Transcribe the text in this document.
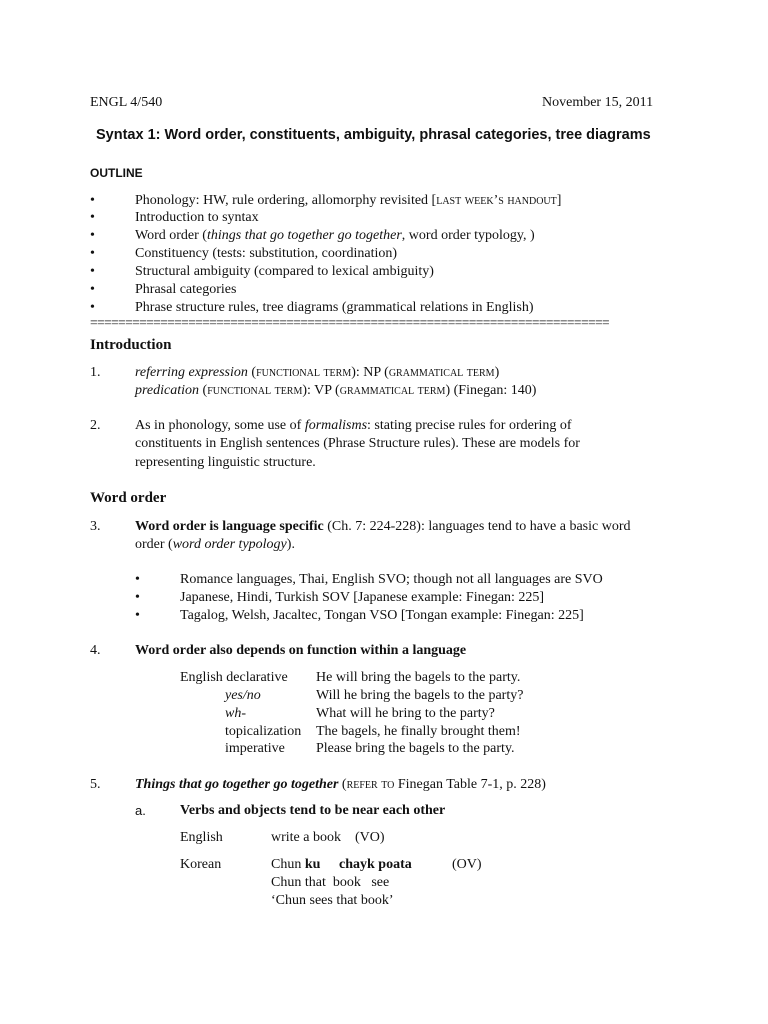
ENGL 4/540	November 15, 2011
Syntax 1: Word order, constituents, ambiguity, phrasal categories, tree diagrams
OUTLINE
•	Phonology: HW, rule ordering, allomorphy revisited [last week’s handout]
•	Introduction to syntax
•	Word order (things that go together go together, word order typology, )
•	Constituency (tests: substitution, coordination)
•	Structural ambiguity (compared to lexical ambiguity)
•	Phrasal categories
•	Phrase structure rules, tree diagrams (grammatical relations in English)
==========================================================================
Introduction
1. referring expression (functional term): NP (grammatical term)
predication (functional term): VP (grammatical term) (Finegan: 140)
2. As in phonology, some use of formalisms: stating precise rules for ordering of
constituents in English sentences (Phrase Structure rules). These are models for
representing linguistic structure.
Word order
3. Word order is language specific (Ch. 7: 224-228): languages tend to have a basic word
order (word order typology).
•	Romance languages, Thai, English SVO; though not all languages are SVO
•	Japanese, Hindi, Turkish SOV [Japanese example: Finegan: 225]
•	Tagalog, Welsh, Jacaltec, Tongan VSO [Tongan example: Finegan: 225]
4. Word order also depends on function within a language
English declarative He will bring the bagels to the party.
yes/no	Will he bring the bagels to the party?
wh-	What will he bring to the party?
topicalization The bagels, he finally brought them!
imperative Please bring the bagels to the party.
5. Things that go together go together (refer to Finegan Table 7-1, p. 228)
a. Verbs and objects tend to be near each other
English	write a book    (VO)
Korean	Chun ku chayk poata	(OV)
Chun that  book   see
‘Chun sees that book’
